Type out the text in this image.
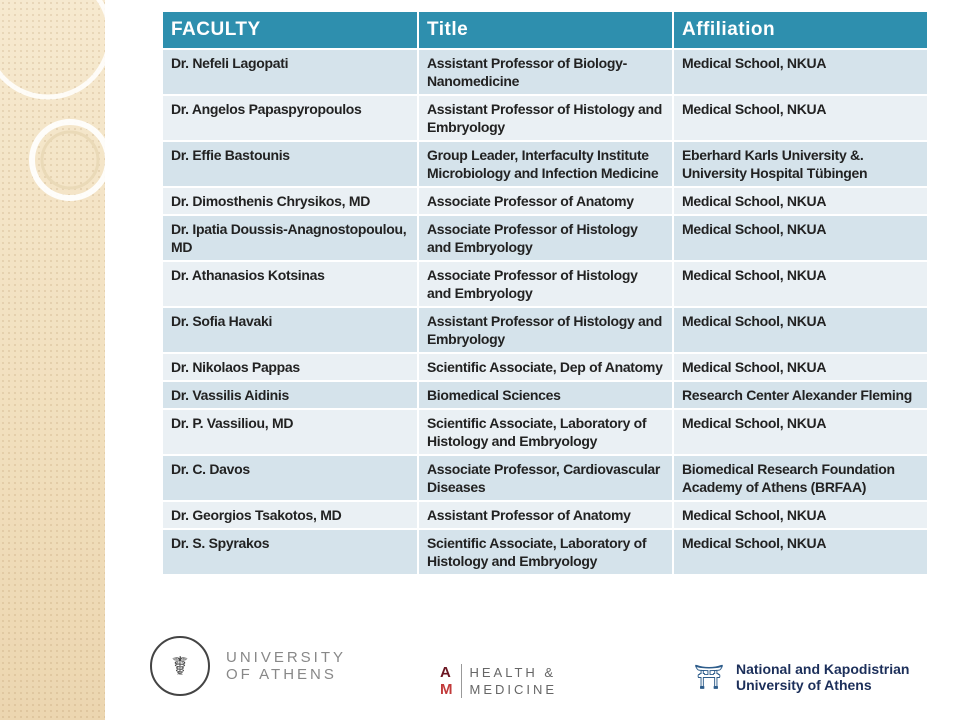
FACULTY	Title	Affiliation
Dr. Nefeli Lagopati	Assistant Professor of Biology-Nanomedicine	Medical School, NKUA
Dr. Angelos Papaspyropoulos	Assistant Professor of Histology and Embryology	Medical School, NKUA
Dr. Effie Bastounis	Group Leader, Interfaculty Institute Microbiology and Infection Medicine	Eberhard Karls University &. University Hospital Tübingen
Dr. Dimosthenis Chrysikos, MD	Associate Professor of Anatomy	Medical School, NKUA
Dr. Ipatia Doussis-Anagnostopoulou, MD	Associate Professor of Histology and Embryology	Medical School, NKUA
Dr. Athanasios Kotsinas	Associate Professor of Histology and Embryology	Medical School, NKUA
Dr. Sofia Havaki	Assistant Professor of Histology and Embryology	Medical School, NKUA
Dr. Nikolaos Pappas	Scientific Associate, Dep of Anatomy	Medical School, NKUA
Dr. Vassilis Aidinis	Biomedical Sciences	Research Center Alexander Fleming
Dr. P. Vassiliou, MD	Scientific Associate, Laboratory of Histology and Embryology	Medical School, NKUA
Dr. C. Davos	Associate Professor, Cardiovascular Diseases	Biomedical Research Foundation Academy of Athens (BRFAA)
Dr. Georgios Tsakotos, MD	Assistant Professor of Anatomy	Medical School, NKUA
Dr. S. Spyrakos	Scientific Associate, Laboratory of Histology and Embryology	Medical School, NKUA
☤	UNIVERSITY
OF ATHENS	A
M
HEALTH &
MEDICINE	⛩ National and Kapodistrian
University of Athens
